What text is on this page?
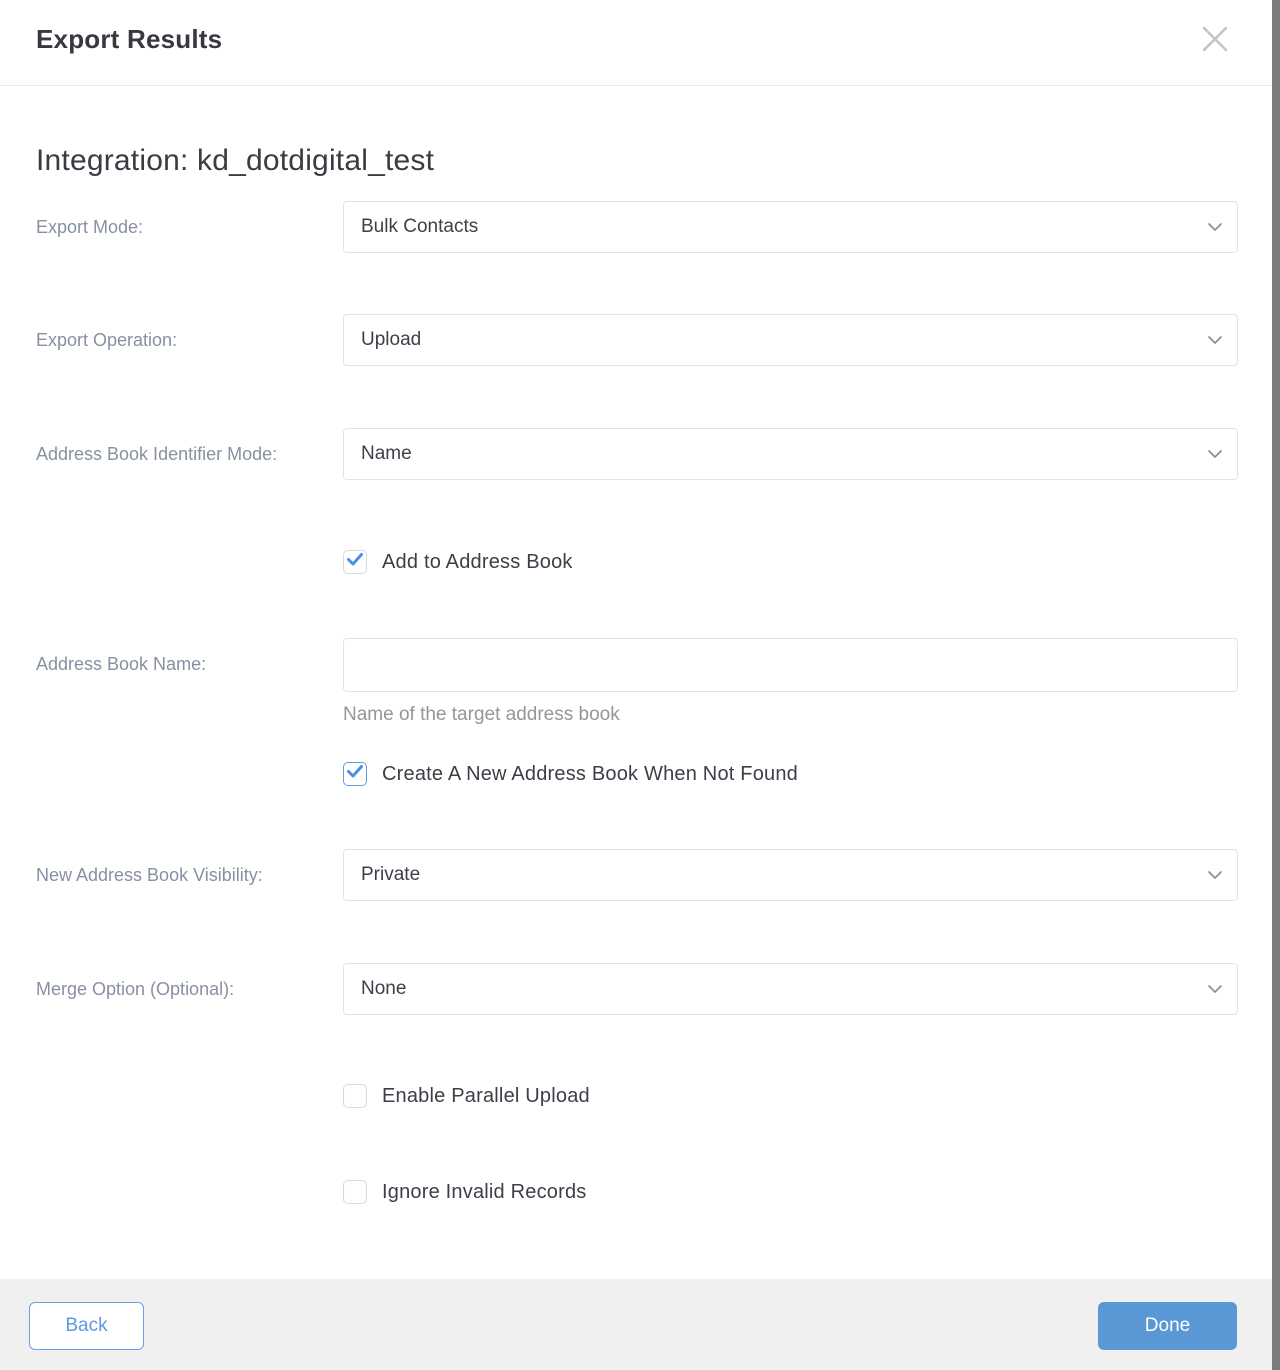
Export Results
Integration: kd_dotdigital_test
Export Mode:	Bulk Contacts
Export Operation:	Upload
Address Book Identifier Mode:	Name
Add to Address Book
Address Book Name:
Name of the target address book
Create A New Address Book When Not Found
New Address Book Visibility:	Private
Merge Option (Optional):	None
Enable Parallel Upload
Ignore Invalid Records
Back	Done
